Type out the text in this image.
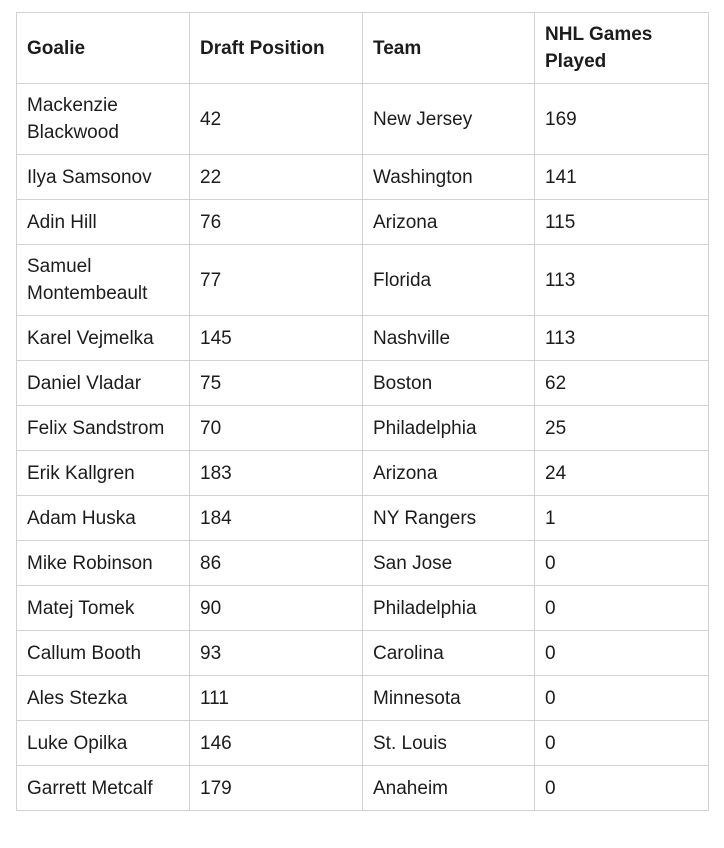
Goalie	Draft Position	Team	NHL Games Played
Mackenzie Blackwood	42	New Jersey	169
Ilya Samsonov	22	Washington	141
Adin Hill	76	Arizona	115
Samuel Montembeault	77	Florida	113
Karel Vejmelka	145	Nashville	113
Daniel Vladar	75	Boston	62
Felix Sandstrom	70	Philadelphia	25
Erik Kallgren	183	Arizona	24
Adam Huska	184	NY Rangers	1
Mike Robinson	86	San Jose	0
Matej Tomek	90	Philadelphia	0
Callum Booth	93	Carolina	0
Ales Stezka	111	Minnesota	0
Luke Opilka	146	St. Louis	0
Garrett Metcalf	179	Anaheim	0
